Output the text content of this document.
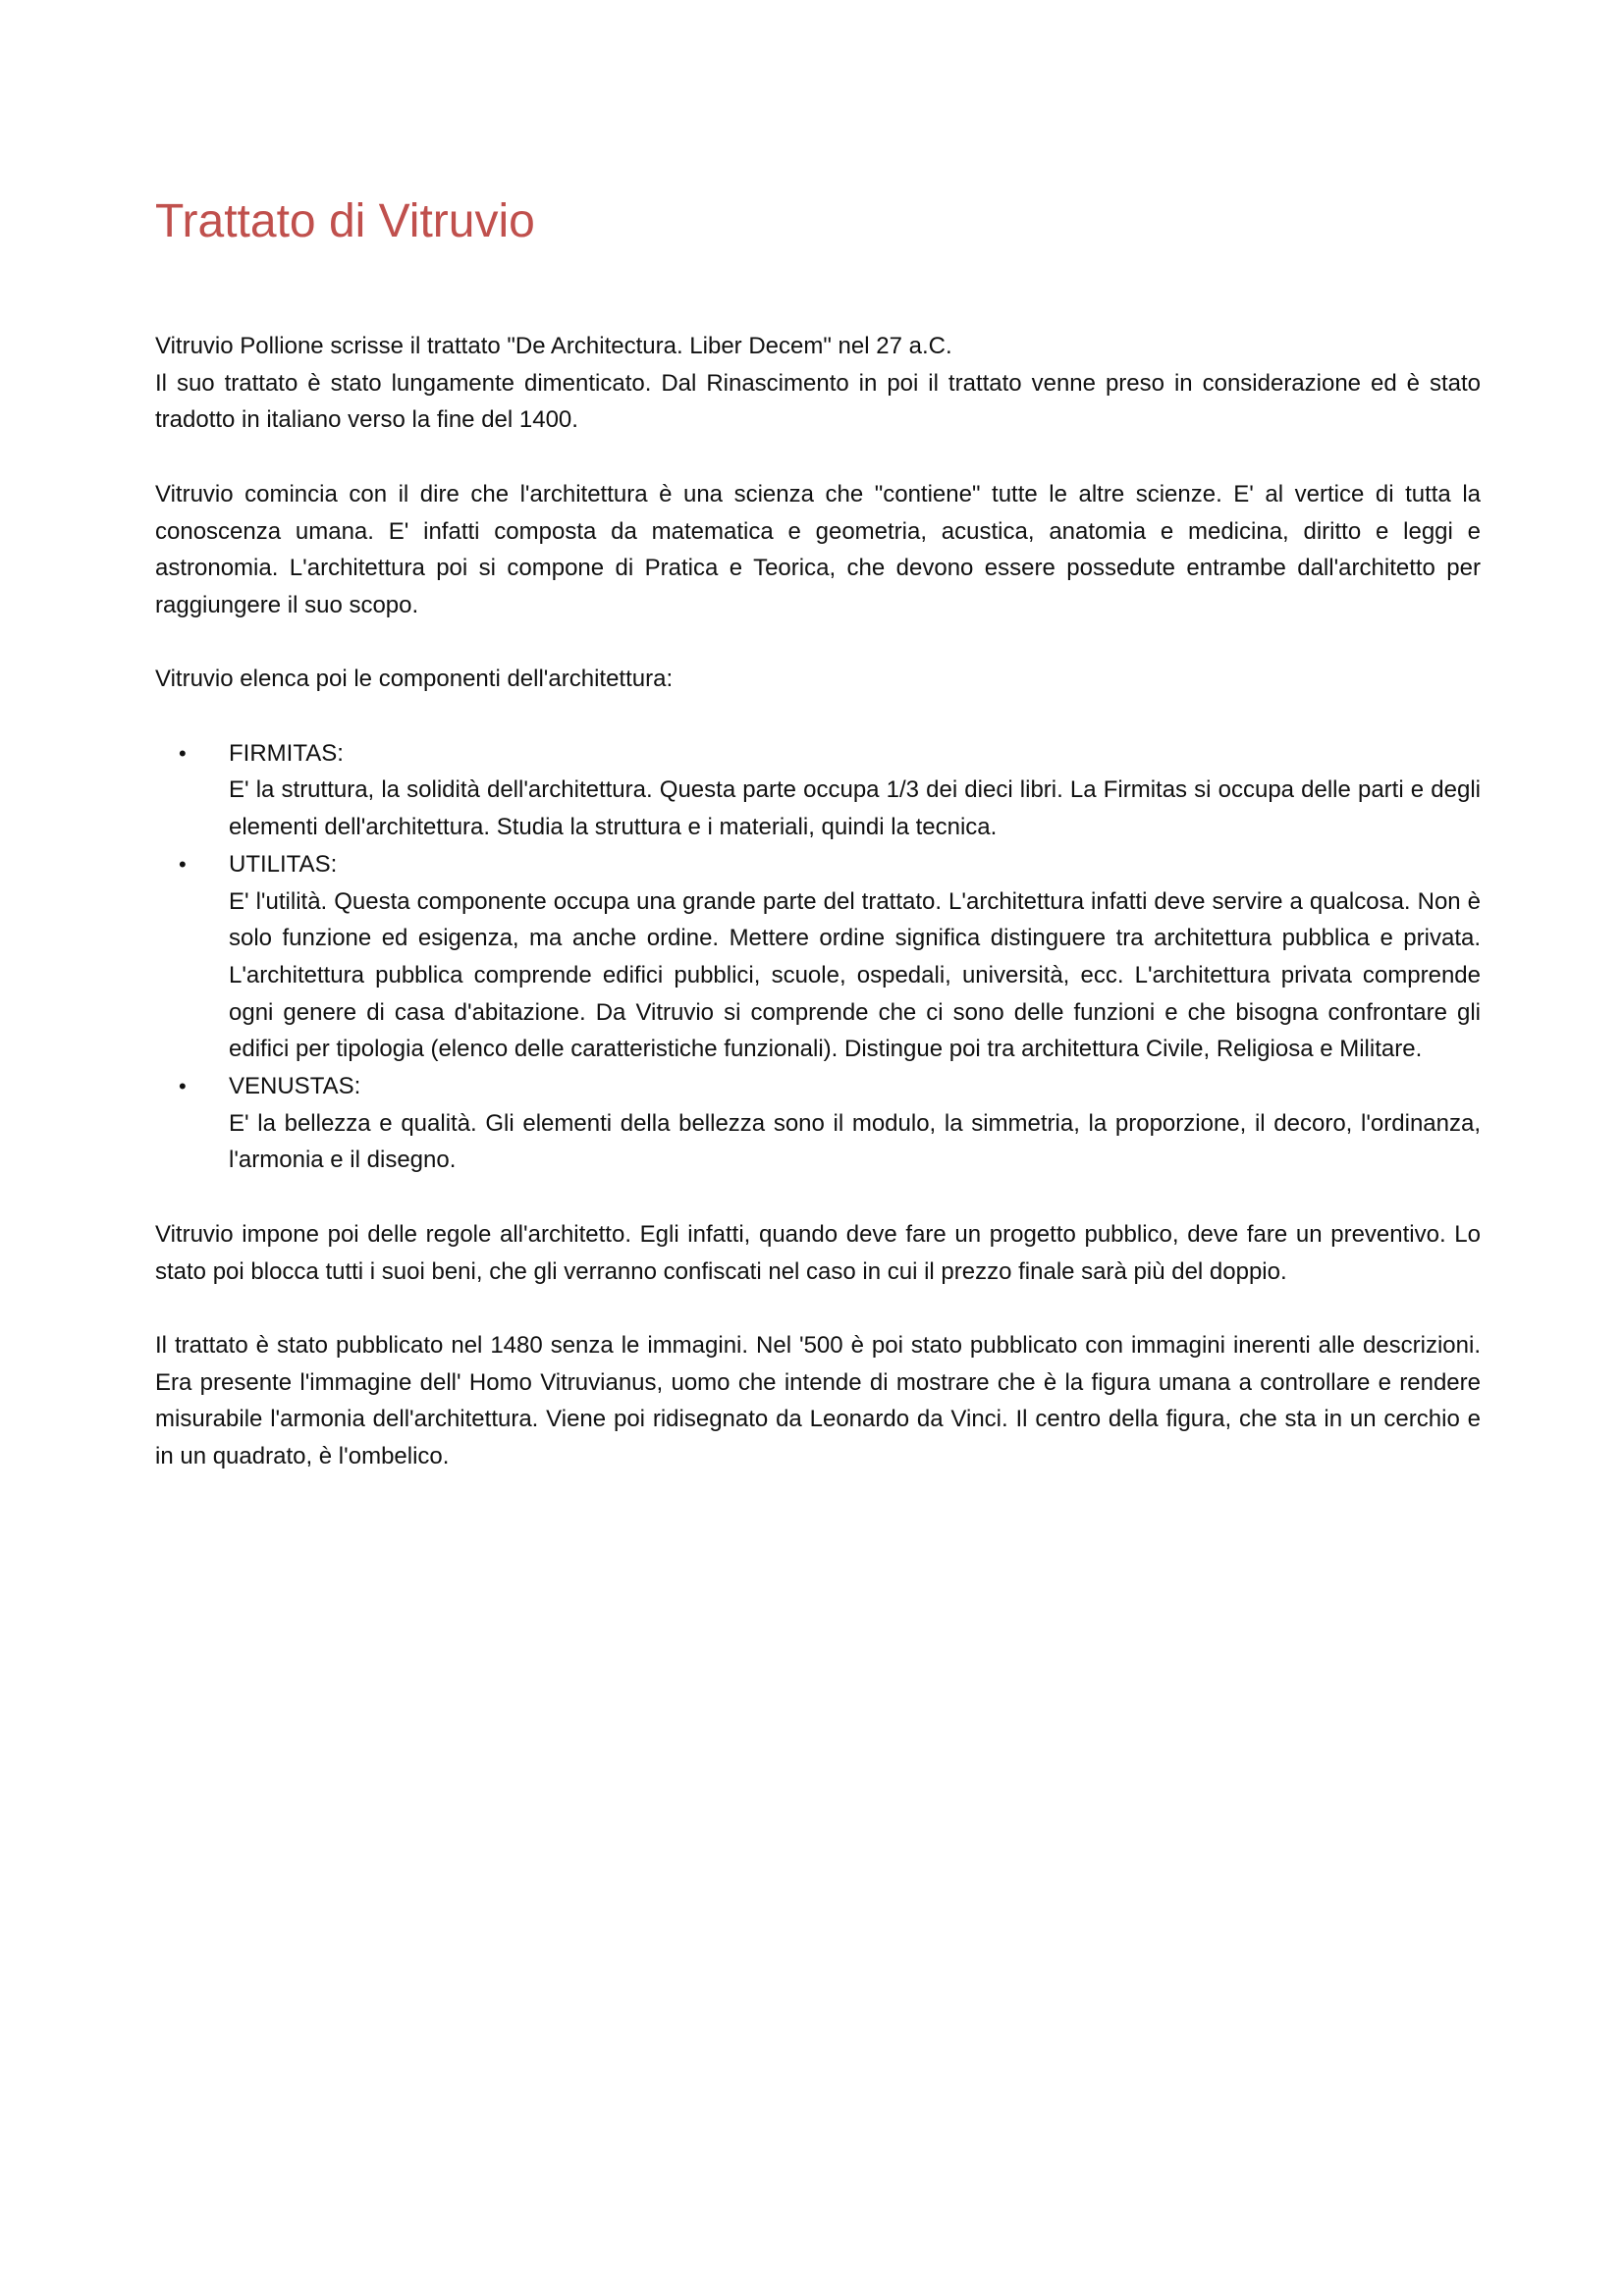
Trattato di Vitruvio

Vitruvio Pollione scrisse il trattato "De Architectura. Liber Decem" nel 27 a.C.

Il suo trattato è stato lungamente dimenticato. Dal Rinascimento in poi il trattato venne preso in considerazione ed è stato tradotto in italiano verso la fine del 1400.

Vitruvio comincia con il dire che l'architettura è una scienza che "contiene" tutte le altre scienze. E' al vertice di tutta la conoscenza umana. E' infatti composta da matematica e geometria, acustica, anatomia e medicina, diritto e leggi e astronomia. L'architettura poi si compone di Pratica e Teorica, che devono essere possedute entrambe dall'architetto per raggiungere il suo scopo.

Vitruvio elenca poi le componenti dell'architettura:

• FIRMITAS:
E' la struttura, la solidità dell'architettura. Questa parte occupa 1/3 dei dieci libri. La Firmitas si occupa delle parti e degli elementi dell'architettura. Studia la struttura e i materiali, quindi la tecnica.
• UTILITAS:
E' l'utilità. Questa componente occupa una grande parte del trattato. L'architettura infatti deve servire a qualcosa. Non è solo funzione ed esigenza, ma anche ordine. Mettere ordine significa distinguere tra architettura pubblica e privata. L'architettura pubblica comprende edifici pubblici, scuole, ospedali, università, ecc. L'architettura privata comprende ogni genere di casa d'abitazione. Da Vitruvio si comprende che ci sono delle funzioni e che bisogna confrontare gli edifici per tipologia (elenco delle caratteristiche funzionali). Distingue poi tra architettura Civile, Religiosa e Militare.
• VENUSTAS:
E' la bellezza e qualità. Gli elementi della bellezza sono il modulo, la simmetria, la proporzione, il decoro, l'ordinanza, l'armonia e il disegno.

Vitruvio impone poi delle regole all'architetto. Egli infatti, quando deve fare un progetto pubblico, deve fare un preventivo. Lo stato poi blocca tutti i suoi beni, che gli verranno confiscati nel caso in cui il prezzo finale sarà più del doppio.

Il trattato è stato pubblicato nel 1480 senza le immagini. Nel '500 è poi stato pubblicato con immagini inerenti alle descrizioni. Era presente l'immagine dell' Homo Vitruvianus, uomo che intende di mostrare che è la figura umana a controllare e rendere misurabile l'armonia dell'architettura. Viene poi ridisegnato da Leonardo da Vinci. Il centro della figura, che sta in un cerchio e in un quadrato, è l'ombelico.
